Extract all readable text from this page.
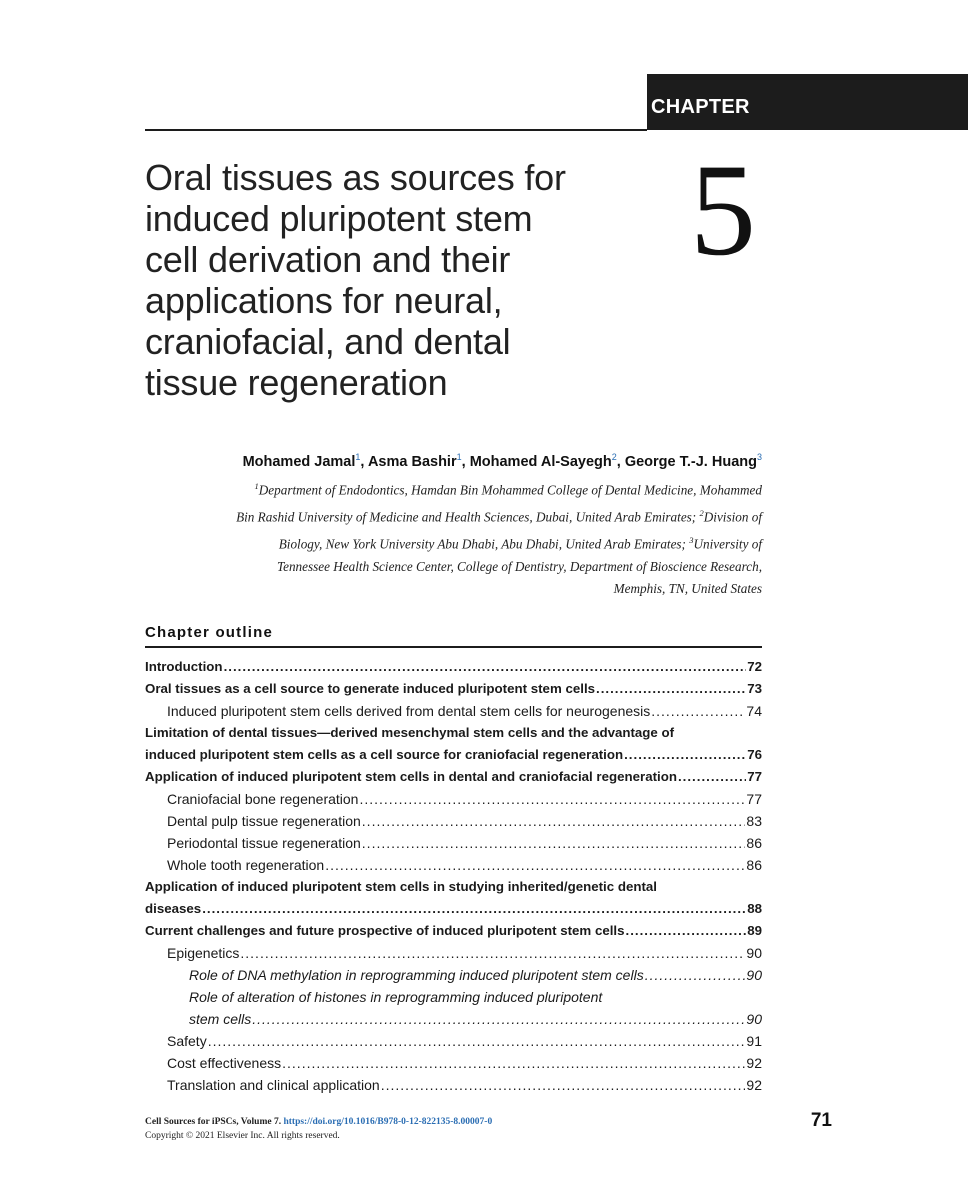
CHAPTER
Oral tissues as sources for
induced pluripotent stem
cell derivation and their
applications for neural,
craniofacial, and dental
tissue regeneration
5
Mohamed Jamal$^1$, Asma Bashir$^1$, Mohamed Al-Sayegh$^2$, George T.-J. Huang$^3$
$^1$Department of Endodontics, Hamdan Bin Mohammed College of Dental Medicine, Mohammed
Bin Rashid University of Medicine and Health Sciences, Dubai, United Arab Emirates; $^2$Division of
Biology, New York University Abu Dhabi, Abu Dhabi, United Arab Emirates; $^3$University of
Tennessee Health Science Center, College of Dentistry, Department of Bioscience Research,
Memphis, TN, United States
Chapter outline
Introduction .....	72
Oral tissues as a cell source to generate induced pluripotent stem cells .....	73
Induced pluripotent stem cells derived from dental stem cells for neurogenesis .....	74
Limitation of dental tissues—derived mesenchymal stem cells and the advantage of
induced pluripotent stem cells as a cell source for craniofacial regeneration .....	76
Application of induced pluripotent stem cells in dental and craniofacial regeneration .....	77
Craniofacial bone regeneration .....	77
Dental pulp tissue regeneration .....	83
Periodontal tissue regeneration .....	86
Whole tooth regeneration .....	86
Application of induced pluripotent stem cells in studying inherited/genetic dental
diseases .....	88
Current challenges and future prospective of induced pluripotent stem cells .....	89
Epigenetics .....	90
Role of DNA methylation in reprogramming induced pluripotent stem cells .....	90
Role of alteration of histones in reprogramming induced pluripotent
stem cells .....	90
Safety .....	91
Cost effectiveness .....	92
Translation and clinical application .....	92
Cell Sources for iPSCs, Volume 7. https://doi.org/10.1016/B978-0-12-822135-8.00007-0
Copyright © 2021 Elsevier Inc. All rights reserved.
71
